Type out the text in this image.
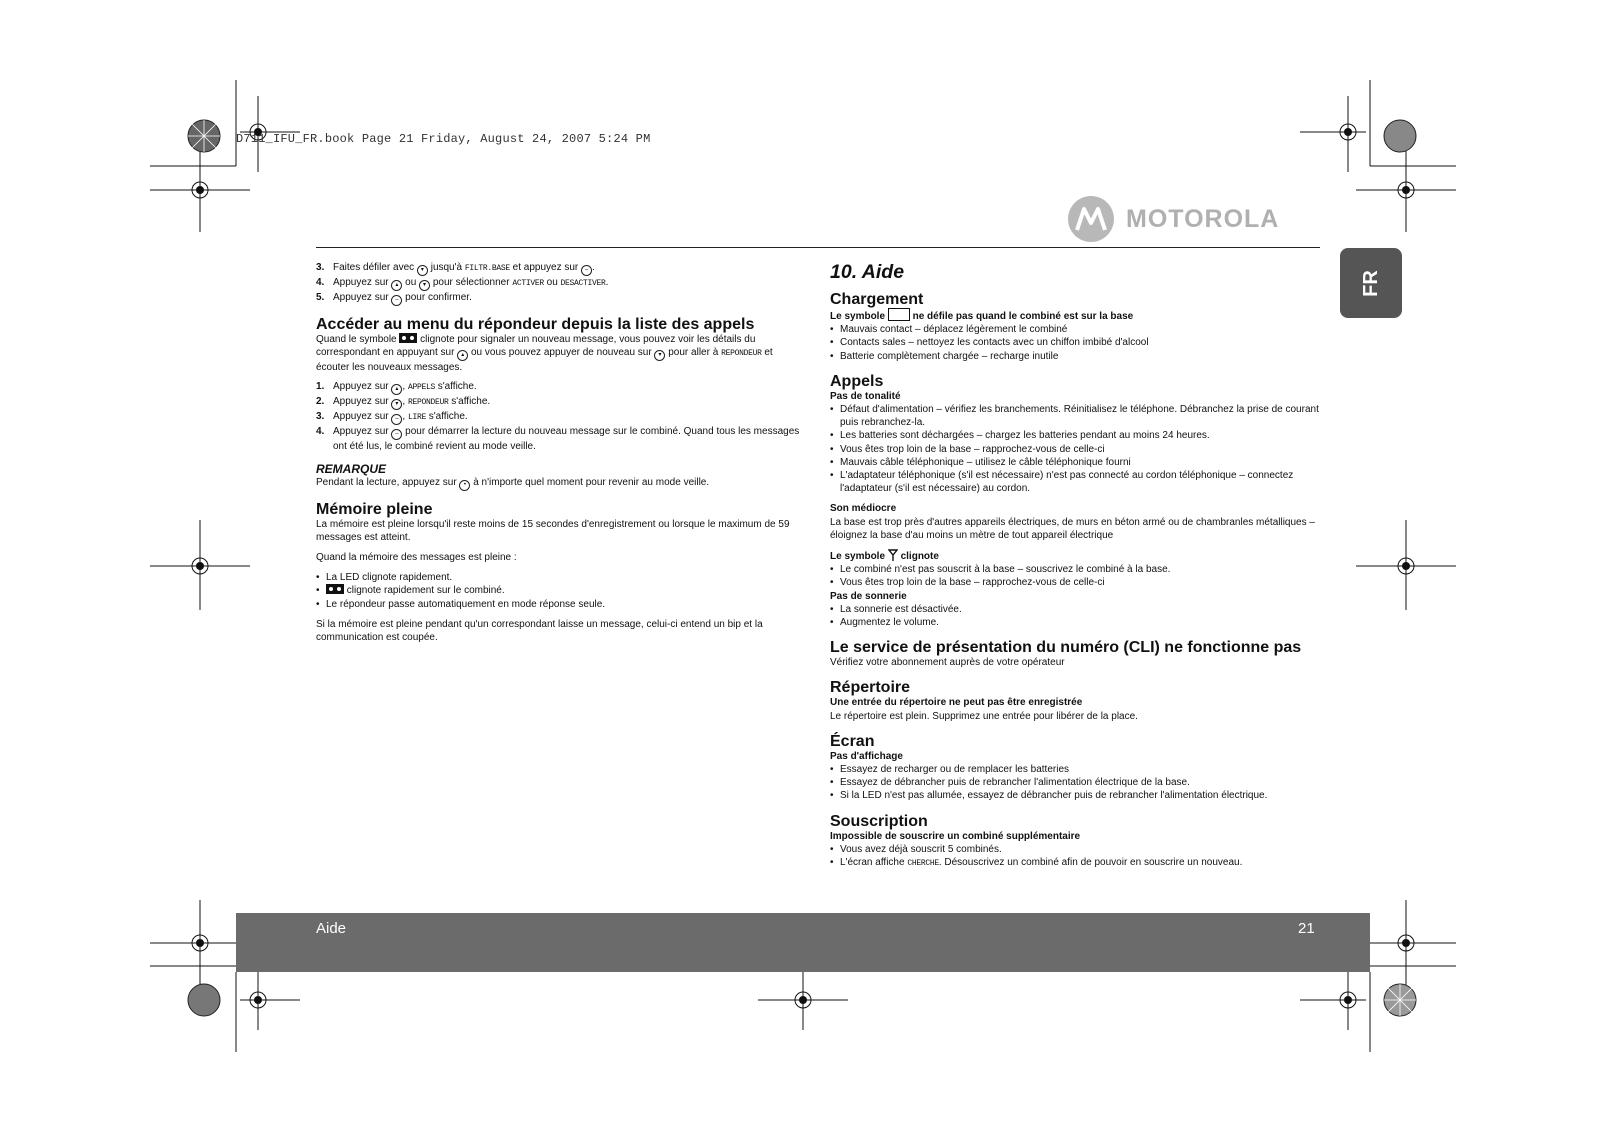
D711_IFU_FR.book Page 21 Friday, August 24, 2007 5:24 PM
MOTOROLA
FR
3. Faites défiler avec ▾ jusqu'à FILTR.BASE et appuyez sur – .
4. Appuyez sur ▴ ou ▾ pour sélectionner ACTIVER ou DESACTIVER.
5. Appuyez sur – pour confirmer.
Accéder au menu du répondeur depuis la liste des appels

Quand le symbole  clignote pour signaler un nouveau message, vous pouvez voir les détails du correspondant en appuyant sur ▴ ou vous pouvez appuyer de nouveau sur ▾ pour aller à REPONDEUR et écouter les nouveaux messages.

1. Appuyez sur ▴ , APPELS s'affiche.
2. Appuyez sur ▾ , REPONDEUR s'affiche.
3. Appuyez sur – , LIRE s'affiche.
4. Appuyez sur – pour démarrer la lecture du nouveau message sur le combiné. Quand tous les messages ont été lus, le combiné revient au mode veille.
REMARQUE

Pendant la lecture, appuyez sur • à n'importe quel moment pour revenir au mode veille.

Mémoire pleine

La mémoire est pleine lorsqu'il reste moins de 15 secondes d'enregistrement ou lorsque le maximum de 59 messages est atteint.

Quand la mémoire des messages est pleine :

• La LED clignote rapidement.
•	clignote rapidement sur le combiné.
• Le répondeur passe automatiquement en mode réponse seule.

Si la mémoire est pleine pendant qu'un correspondant laisse un message, celui-ci entend un bip et la communication est coupée.

10. Aide
Chargement
Le symbole  ne défile pas quand le combiné est sur la base
• Mauvais contact – déplacez légèrement le combiné
• Contacts sales – nettoyez les contacts avec un chiffon imbibé d'alcool
• Batterie complètement chargée – recharge inutile
Appels
Pas de tonalité
• Défaut d'alimentation – vérifiez les branchements. Réinitialisez le téléphone. Débranchez la prise de courant puis rebranchez-la.
• Les batteries sont déchargées – chargez les batteries pendant au moins 24 heures.
• Vous êtes trop loin de la base – rapprochez-vous de celle-ci
• Mauvais câble téléphonique – utilisez le câble téléphonique fourni
• L'adaptateur téléphonique (s'il est nécessaire) n'est pas connecté au cordon téléphonique – connectez l'adaptateur (s'il est nécessaire) au cordon.
Son médiocre

La base est trop près d'autres appareils électriques, de murs en béton armé ou de chambranles métalliques – éloignez la base d'au moins un mètre de tout appareil électrique

Le symbole  clignote
• Le combiné n'est pas souscrit à la base – souscrivez le combiné à la base.
• Vous êtes trop loin de la base – rapprochez-vous de celle-ci
Pas de sonnerie
• La sonnerie est désactivée.
• Augmentez le volume.
Le service de présentation du numéro (CLI) ne fonctionne pas

Vérifiez votre abonnement auprès de votre opérateur

Répertoire
Une entrée du répertoire ne peut pas être enregistrée

Le répertoire est plein. Supprimez une entrée pour libérer de la place.

Écran
Pas d'affichage
• Essayez de recharger ou de remplacer les batteries
• Essayez de débrancher puis de rebrancher l'alimentation électrique de la base.
• Si la LED n'est pas allumée, essayez de débrancher puis de rebrancher l'alimentation électrique.
Souscription
Impossible de souscrire un combiné supplémentaire
• Vous avez déjà souscrit 5 combinés.
• L'écran affiche CHERCHE. Désouscrivez un combiné afin de pouvoir en souscrire un nouveau.
Aide	21
